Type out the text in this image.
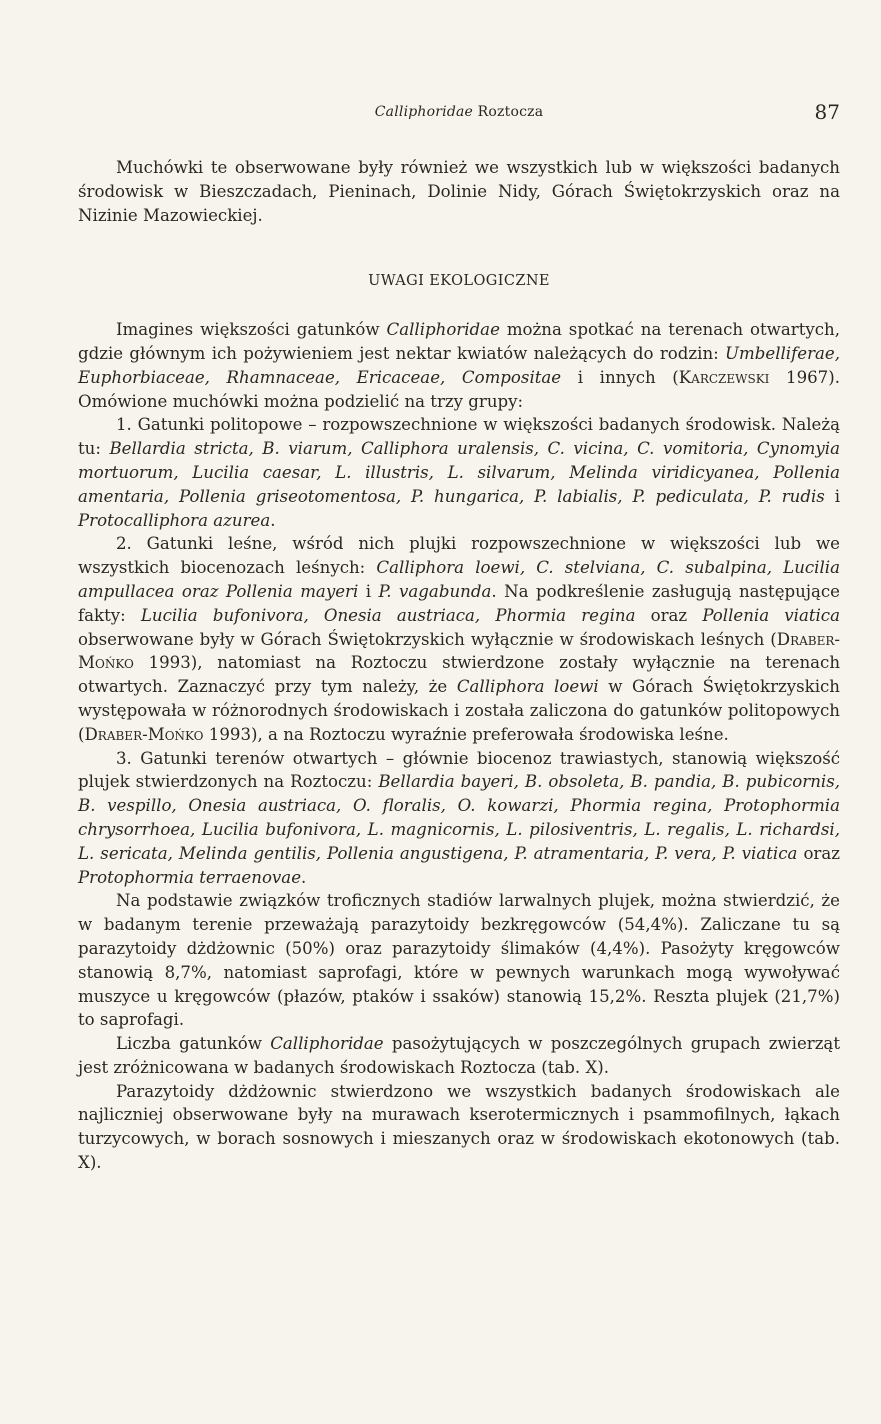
Calliphoridae Roztocza	87

Muchówki te obserwowane były również we wszystkich lub w większości badanych środowisk w Bieszczadach, Pieninach, Dolinie Nidy, Górach Świętokrzyskich oraz na Nizinie Mazowieckiej.

UWAGI EKOLOGICZNE

Imagines większości gatunków Calliphoridae można spotkać na terenach otwartych, gdzie głównym ich pożywieniem jest nektar kwiatów należących do rodzin: Umbelliferae, Euphorbiaceae, Rhamnaceae, Ericaceae, Compositae i innych (Karczewski 1967). Omówione muchówki można podzielić na trzy grupy:

1. Gatunki politopowe – rozpowszechnione w większości badanych środowisk. Należą tu: Bellardia stricta, B. viarum, Calliphora uralensis, C. vicina, C. vomitoria, Cynomyia mortuorum, Lucilia caesar, L. illustris, L. silvarum, Melinda viridicyanea, Pollenia amentaria, Pollenia griseotomentosa, P. hungarica, P. labialis, P. pediculata, P. rudis i Protocalliphora azurea.

2. Gatunki leśne, wśród nich plujki rozpowszechnione w większości lub we wszystkich biocenozach leśnych: Calliphora loewi, C. stelviana, C. subalpina, Lucilia ampullacea oraz Pollenia mayeri i P. vagabunda. Na podkreślenie zasługują następujące fakty: Lucilia bufonivora, Onesia austriaca, Phormia regina oraz Pollenia viatica obserwowane były w Górach Świętokrzyskich wyłącznie w środowiskach leśnych (Draber-Mońko 1993), natomiast na Roztoczu stwierdzone zostały wyłącznie na terenach otwartych. Zaznaczyć przy tym należy, że Calliphora loewi w Górach Świętokrzyskich występowała w różnorodnych środowiskach i została zaliczona do gatunków politopowych (Draber-Mońko 1993), a na Roztoczu wyraźnie preferowała środowiska leśne.

3. Gatunki terenów otwartych – głównie biocenoz trawiastych, stanowią większość plujek stwierdzonych na Roztoczu: Bellardia bayeri, B. obsoleta, B. pandia, B. pubicornis, B. vespillo, Onesia austriaca, O. floralis, O. kowarzi, Phormia regina, Protophormia chrysorrhoea, Lucilia bufonivora, L. magnicornis, L. pilosiventris, L. regalis, L. richardsi, L. sericata, Melinda gentilis, Pollenia angustigena, P. atramentaria, P. vera, P. viatica oraz Protophormia terraenovae.

Na podstawie związków troficznych stadiów larwalnych plujek, można stwierdzić, że w badanym terenie przeważają parazytoidy bezkręgowców (54,4%). Zaliczane tu są parazytoidy dżdżownic (50%) oraz parazytoidy ślimaków (4,4%). Pasożyty kręgowców stanowią 8,7%, natomiast saprofagi, które w pewnych warunkach mogą wywoływać muszyce u kręgowców (płazów, ptaków i ssaków) stanowią 15,2%. Reszta plujek (21,7%) to saprofagi.

Liczba gatunków Calliphoridae pasożytujących w poszczególnych grupach zwierząt jest zróżnicowana w badanych środowiskach Roztocza (tab. X).

Parazytoidy dżdżownic stwierdzono we wszystkich badanych środowiskach ale najliczniej obserwowane były na murawach kserotermicznych i psammofilnych, łąkach turzycowych, w borach sosnowych i mieszanych oraz w środowiskach ekotonowych (tab. X).
